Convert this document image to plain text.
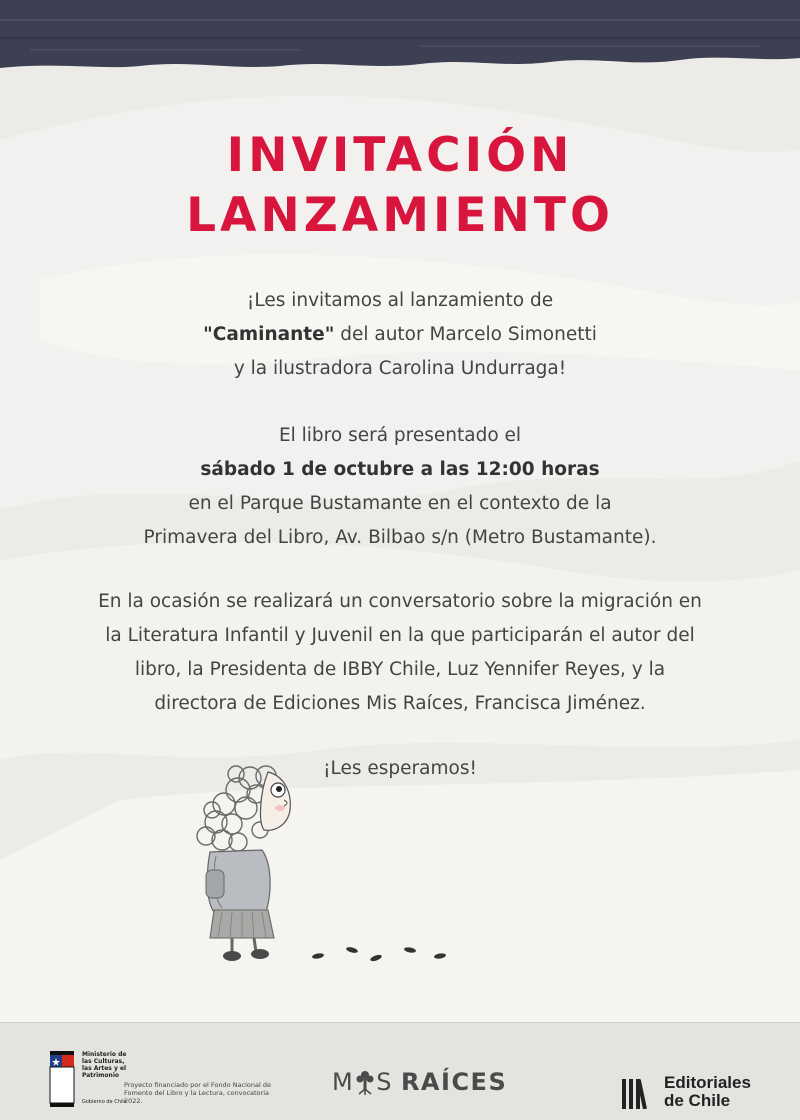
INVITACIÓN
LANZAMIENTO
¡Les invitamos al lanzamiento de
"Caminante" del autor Marcelo Simonetti
y la ilustradora Carolina Undurraga!
El libro será presentado el
sábado 1 de octubre a las 12:00 horas
en el Parque Bustamante en el contexto de la
Primavera del Libro, Av. Bilbao s/n (Metro Bustamante).
En la ocasión se realizará un conversatorio sobre la migración en
la Literatura Infantil y Juvenil en la que participarán el autor del
libro, la Presidenta de IBBY Chile, Luz Yennifer Reyes, y la
directora de Ediciones Mis Raíces, Francisca Jiménez.
¡Les esperamos!
Ministerio de las Culturas, las Artes y el Patrimonio
Gobierno de Chile
Proyecto financiado por el Fondo Nacional de Fomento del Libro y la Lectura, convocatoria 2022.
M S RAÍCES	Editoriales
de Chile
